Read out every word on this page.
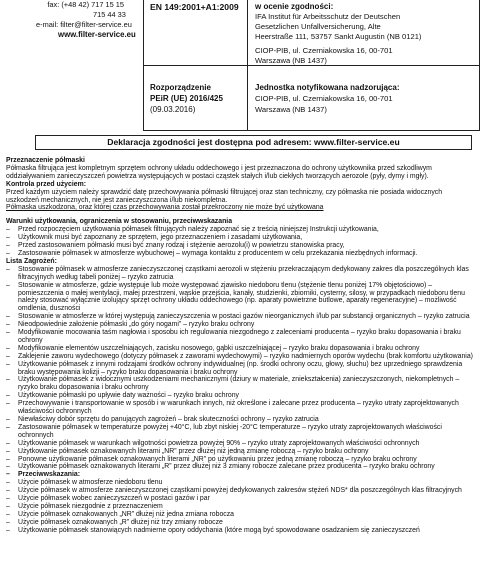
fax: (+48 42) 717 15 15
715 44 33
e-mail: filter@filter-service.eu
www.filter-service.eu
EN 149:2001+A1:2009
Rozporządzenie
PEiR (UE) 2016/425
(09.03.2016)
w ocenie zgodności:
IFA Institut für Arbeitsschutz der Deutschen
Gesetzlichen Unfallversicherung, Alte
Heerstraße 111, 53757 Sankt Augustin (NB 0121)
CIOP-PIB, ul. Czerniakowska 16, 00-701
Warszawa (NB 1437)
Jednostka notyfikowana nadzorująca:
CIOP-PIB, ul. Czerniakowska 16, 00-701
Warszawa (NB 1437)
Deklaracja zgodności jest dostępna pod adresem: www.filter-service.eu
Przeznaczenie półmaski
Półmaska filtrująca jest kompletnym sprzętem ochrony układu oddechowego i jest przeznaczona do ochrony użytkownika przed szkodliwym oddziaływaniem zanieczyszczeń powietrza występujących w postaci cząstek stałych i/lub ciekłych tworzących aerozole (pyły, dymy i mgły).
Kontrola przed użyciem:
Przed każdym użyciem należy sprawdzić datę przechowywania półmaski filtrującej oraz stan techniczny, czy półmaska nie posiada widocznych uszkodzeń mechanicznych, nie jest zanieczyszczona i/lub niekompletna.
Półmaska uszkodzona, oraz której czas przechowywania został przekroczony nie może być użytkowana
Warunki użytkowania, ograniczenia w stosowaniu, przeciwwskazania
– Przed rozpoczęciem użytkowania półmasek filtrujących należy zapoznać się z treścią niniejszej Instrukcji użytkowania,
– Użytkownik musi być zapoznany ze sprzętem, jego przeznaczeniem i zasadami użytkowania,
– Przed zastosowaniem półmaski musi być znany rodzaj i stężenie aerozolu(i) w powietrzu stanowiska pracy,
– Zastosowanie półmasek w atmosferze wybuchowej – wymaga kontaktu z producentem w celu przekazania niezbędnych informacji.
Lista Zagrożeń:
– Stosowanie półmasek w atmosferze zanieczyszczonej cząstkami aerozoli w stężeniu przekraczającym dedykowany zakres dla poszczególnych klas filtracyjnych według tabeli poniżej – ryzyko zatrucia
– Stosowanie w atmosferze, gdzie występuje lub może występować zjawisko niedoboru tlenu (stężenie tlenu poniżej 17% objętościowo) – pomieszczenia o małej wentylacji, małej przestrzeni, wąskie przejścia, kanały, studzienki, zbiorniki, cysterny, silosy, w przypadkach niedoboru tlenu należy stosować wyłącznie izolujący sprzęt ochrony układu oddechowego (np. aparaty powietrzne butlowe, aparaty regeneracyjne) – możliwość omdlenia, duszności
– Stosowanie w atmosferze w której występują zanieczyszczenia w postaci gazów nieorganicznych i/lub par substancji organicznych – ryzyko zatrucia
– Nieodpowiednie założenie półmaski „do góry nogami” – ryzyko braku ochrony
– Modyfikowanie mocowania taśm nagłowia i sposobu ich regulowania niezgodnego z zaleceniami producenta – ryzyko braku dopasowania i braku ochrony
– Modyfikowanie elementów uszczelniających, zacisku nosowego, gąbki uszczelniającej – ryzyko braku dopasowania i braku ochrony
– Zaklejenie zaworu wydechowego (dotyczy półmasek z zaworami wydechowymi) – ryzyko nadmiernych oporów wydechu (brak komfortu użytkowania)
– Użytkowanie półmasek z innymi rodzajami środków ochrony indywidualnej (np. środki ochrony oczu, głowy, słuchu) bez uprzedniego sprawdzenia braku występowania kolizji – ryzyko braku dopasowania i braku ochrony
– Użytkowanie półmasek z widocznymi uszkodzeniami mechanicznymi (dziury w materiale, zniekształcenia) zanieczyszczonych, niekompletnych – ryzyko braku dopasowania i braku ochrony
– Użytkowanie półmaski po upływie daty ważności – ryzyko braku ochrony
– Przechowywanie i transportowanie w sposób i w warunkach innych, niż określone i zalecane przez producenta – ryzyko utraty zaprojektowanych właściwości ochronnych
– Niewłaściwy dobór sprzętu do panujących zagrożeń – brak skuteczności ochrony – ryzyko zatrucia
– Zastosowanie półmasek w temperaturze powyżej +40°C, lub zbyt niskiej -20°C temperaturze – ryzyko utraty zaprojektowanych właściwości ochronnych
– Użytkowanie półmasek w warunkach wilgotności powietrza powyżej 90% – ryzyko utraty zaprojektowanych właściwości ochronnych
– Użytkowanie półmasek oznakowanych literami „NR” przez dłużej niż jedną zmianę roboczą – ryzyko braku ochrony
– Ponowne użytkowanie półmasek oznakowanych literami „NR” po użytkowaniu przez jedną zmianę roboczą – ryzyko braku ochrony
– Użytkowanie półmasek oznakowanych literami „R” przez dłużej niż 3 zmiany robocze zalecane przez producenta – ryzyko braku ochrony
– Przeciwwskazania:
– Użycie półmasek w atmosferze niedoboru tlenu
– Użycie półmasek w atmosferze zanieczyszczonej cząstkami powyżej dedykowanych zakresów stężeń NDS* dla poszczególnych klas filtracyjnych
– Użycie półmasek wobec zanieczyszczeń w postaci gazów i par
– Użycie półmasek niezgodnie z przeznaczeniem
– Użycie półmasek oznakowanych „NR” dłużej niż jedna zmiana robocza
– Użycie półmasek oznakowanych „R” dłużej niż trzy zmiany robocze
– Użytkowanie półmasek stanowiących nadmierne opory oddychania (które mogą być spowodowane osadzaniem się zanieczyszczeń
